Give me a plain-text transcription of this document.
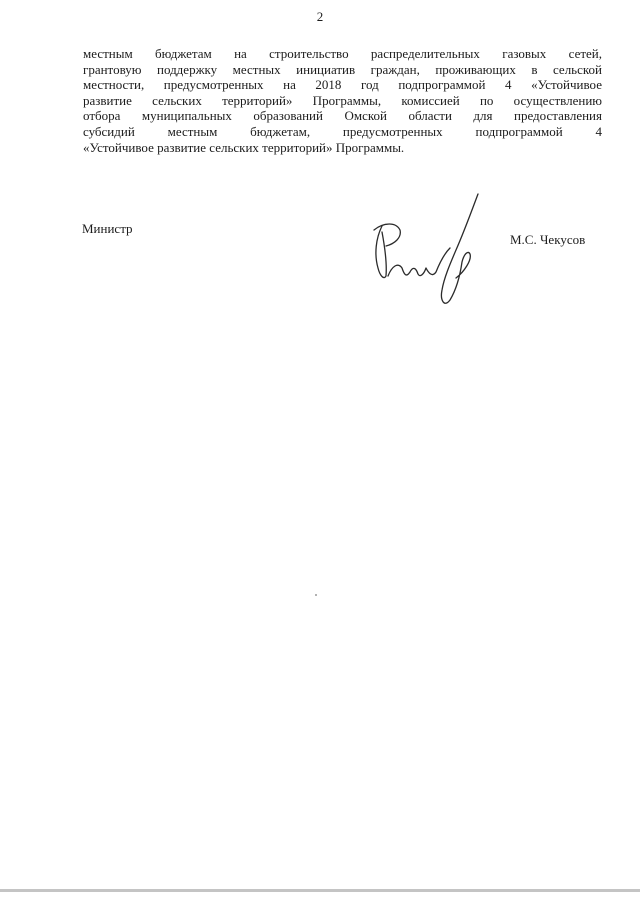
2
местным бюджетам на строительство распределительных газовых сетей,
грантовую поддержку местных инициатив граждан, проживающих в сельской
местности, предусмотренных на 2018 год подпрограммой 4 «Устойчивое
развитие сельских территорий» Программы, комиссией по осуществлению
отбора муниципальных образований Омской области для предоставления
субсидий местным бюджетам, предусмотренных подпрограммой 4
«Устойчивое развитие сельских территорий» Программы.
Министр
М.С. Чекусов
